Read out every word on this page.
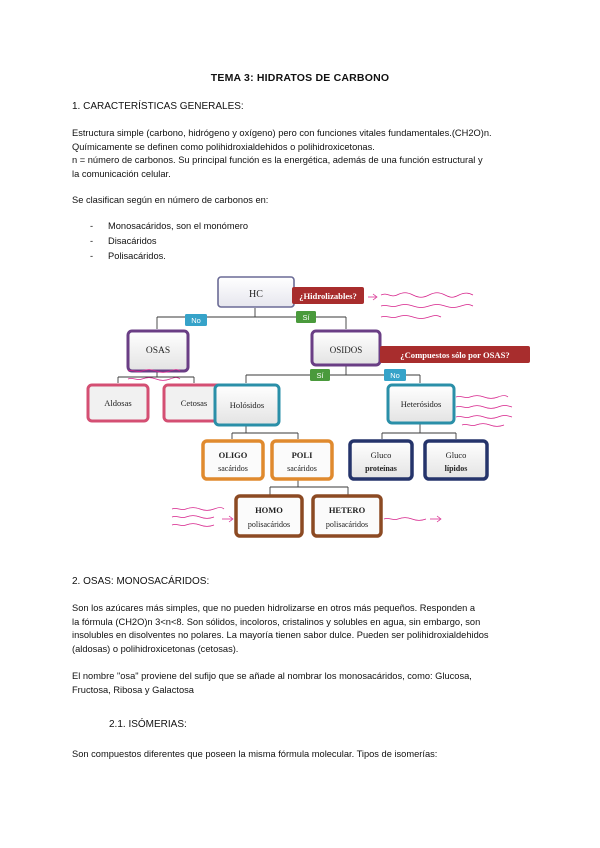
TEMA 3: HIDRATOS DE CARBONO
1. CARACTERÍSTICAS GENERALES:
Estructura simple (carbono, hidrógeno y oxígeno) pero con funciones vitales fundamentales.(CH2O)n.
Químicamente se definen como polihidroxialdehidos o polihidroxicetonas.
n = número de carbonos. Su principal función es la energética, además de una función estructural y
la comunicación celular.
Se clasifican según en número de carbonos en:
- Monosacáridos, son el monómero
- Disacáridos
- Polisacáridos.
HC	¿Hidrolizables?
No	Sí
OSAS	OSIDOS	¿Compuestos sólo por OSAS?
Sí	No
Aldosas	Cetosas	Holósidos	Heterósidos
OLIGO
sacáridos
POLI
sacáridos
Gluco
proteínas
Gluco
lípidos
HOMO
polisacáridos
HETERO
polisacáridos
2. OSAS: MONOSACÁRIDOS:
Son los azúcares más simples, que no pueden hidrolizarse en otros más pequeños. Responden a
la fórmula (CH2O)n 3<n<8. Son sólidos, incoloros, cristalinos y solubles en agua, sin embargo, son
insolubles en disolventes no polares. La mayoría tienen sabor dulce. Pueden ser polihidroxialdehidos
(aldosas) o polihidroxicetonas (cetosas).
El nombre "osa" proviene del sufijo que se añade al nombrar los monosacáridos, como: Glucosa,
Fructosa, Ribosa y Galactosa
2.1. ISÓMERIAS:
Son compuestos diferentes que poseen la misma fórmula molecular. Tipos de isomerías:
